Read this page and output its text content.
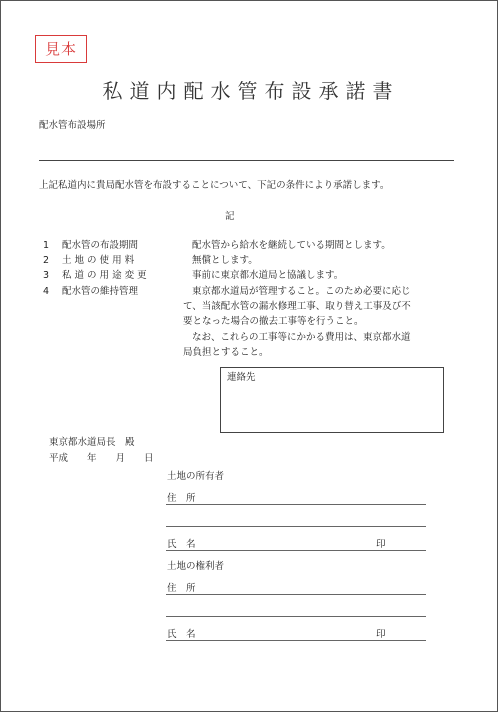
見本
私道内配水管布設承諾書
配水管布設場所
上記私道内に貴局配水管を布設することについて、下記の条件により承諾します。
記
1 配水管の布設期間	配水管から給水を継続している期間とします。
2 土 地 の 使 用 料	無償とします。
3 私 道 の 用 途 変 更	事前に東京都水道局と協議します。
4 配水管の維持管理	東京都水道局が管理すること。このため必要に応じ
て、当該配水管の漏水修理工事、取り替え工事及び不
要となった場合の撤去工事等を行うこと。
なお、これらの工事等にかかる費用は、東京都水道
局負担とすること。
連絡先
東京都水道局長　殿
平成　　年　　月　　日
土地の所有者
住　所
氏　名	印
土地の権利者
住　所
氏　名	印
